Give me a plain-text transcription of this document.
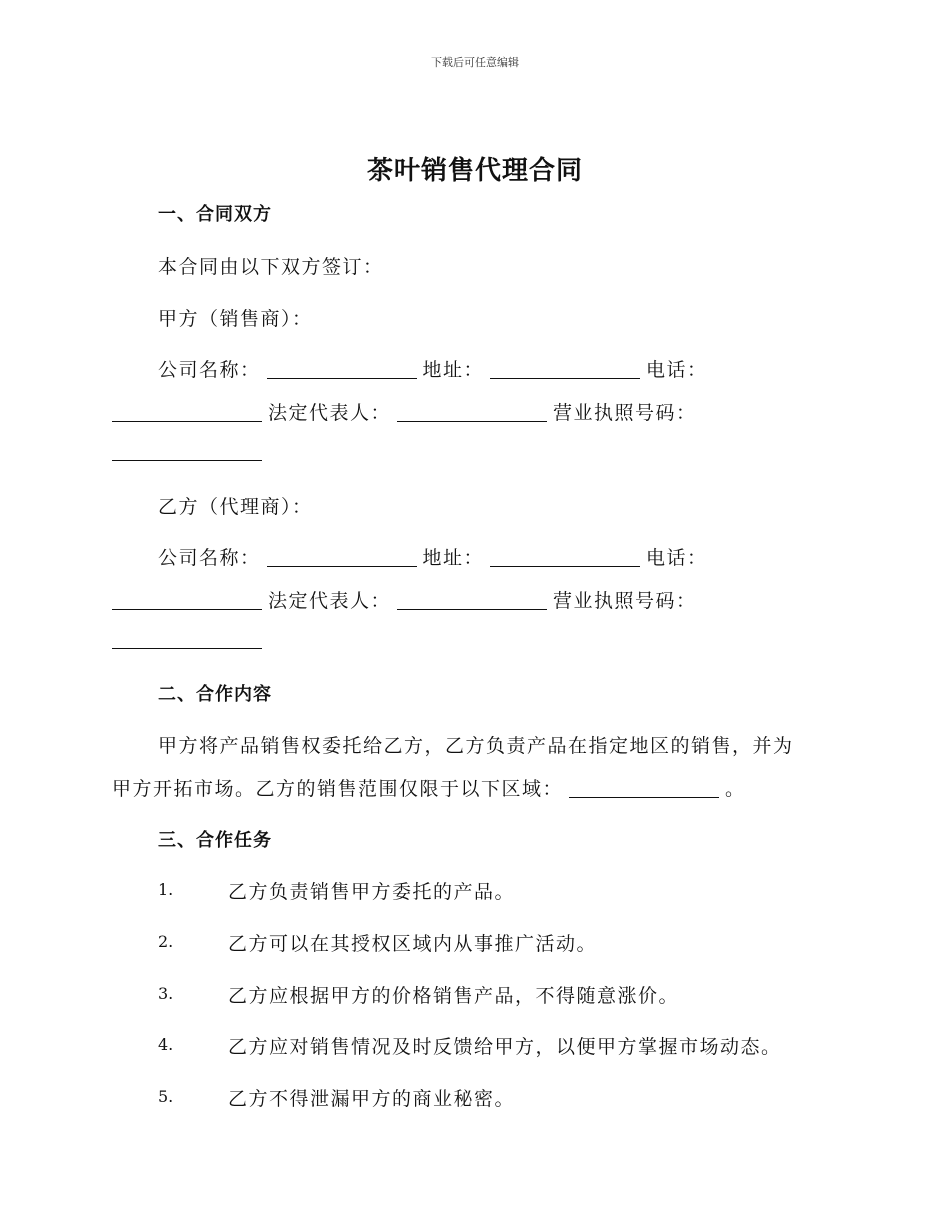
下载后可任意编辑
茶叶销售代理合同
一、合同双方
本合同由以下双方签订：
甲方（销售商）：
公司名称：	地址：	电话：
法定代表人：	营业执照号码：
乙方（代理商）：
公司名称：	地址：	电话：
法定代表人：	营业执照号码：
二、合作内容
甲方将产品销售权委托给乙方，乙方负责产品在指定地区的销售，并为
甲方开拓市场。乙方的销售范围仅限于以下区域：	。
三、合作任务
1.	乙方负责销售甲方委托的产品。
2.	乙方可以在其授权区域内从事推广活动。
3.	乙方应根据甲方的价格销售产品，不得随意涨价。
4.	乙方应对销售情况及时反馈给甲方，以便甲方掌握市场动态。
5.	乙方不得泄漏甲方的商业秘密。
